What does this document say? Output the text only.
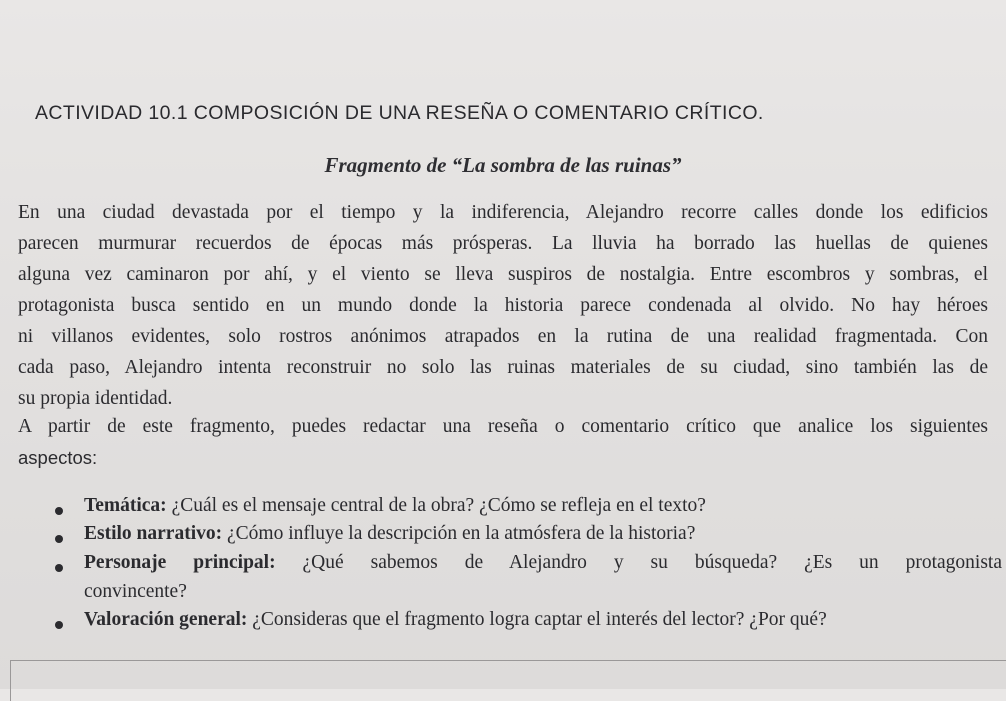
ACTIVIDAD 10.1 COMPOSICIÓN DE UNA RESEÑA O COMENTARIO CRÍTICO.
Fragmento de “La sombra de las ruinas”
En una ciudad devastada por el tiempo y la indiferencia, Alejandro recorre calles donde los edificios
parecen murmurar recuerdos de épocas más prósperas. La lluvia ha borrado las huellas de quienes
alguna vez caminaron por ahí, y el viento se lleva suspiros de nostalgia. Entre escombros y sombras, el
protagonista busca sentido en un mundo donde la historia parece condenada al olvido. No hay héroes
ni villanos evidentes, solo rostros anónimos atrapados en la rutina de una realidad fragmentada. Con
cada paso, Alejandro intenta reconstruir no solo las ruinas materiales de su ciudad, sino también las de
su propia identidad.
A partir de este fragmento, puedes redactar una reseña o comentario crítico que analice los siguientes
aspectos:
Temática: ¿Cuál es el mensaje central de la obra? ¿Cómo se refleja en el texto?
Estilo narrativo: ¿Cómo influye la descripción en la atmósfera de la historia?
Personaje principal: ¿Qué sabemos de Alejandro y su búsqueda? ¿Es un protagonista
convincente?
Valoración general: ¿Consideras que el fragmento logra captar el interés del lector? ¿Por qué?
